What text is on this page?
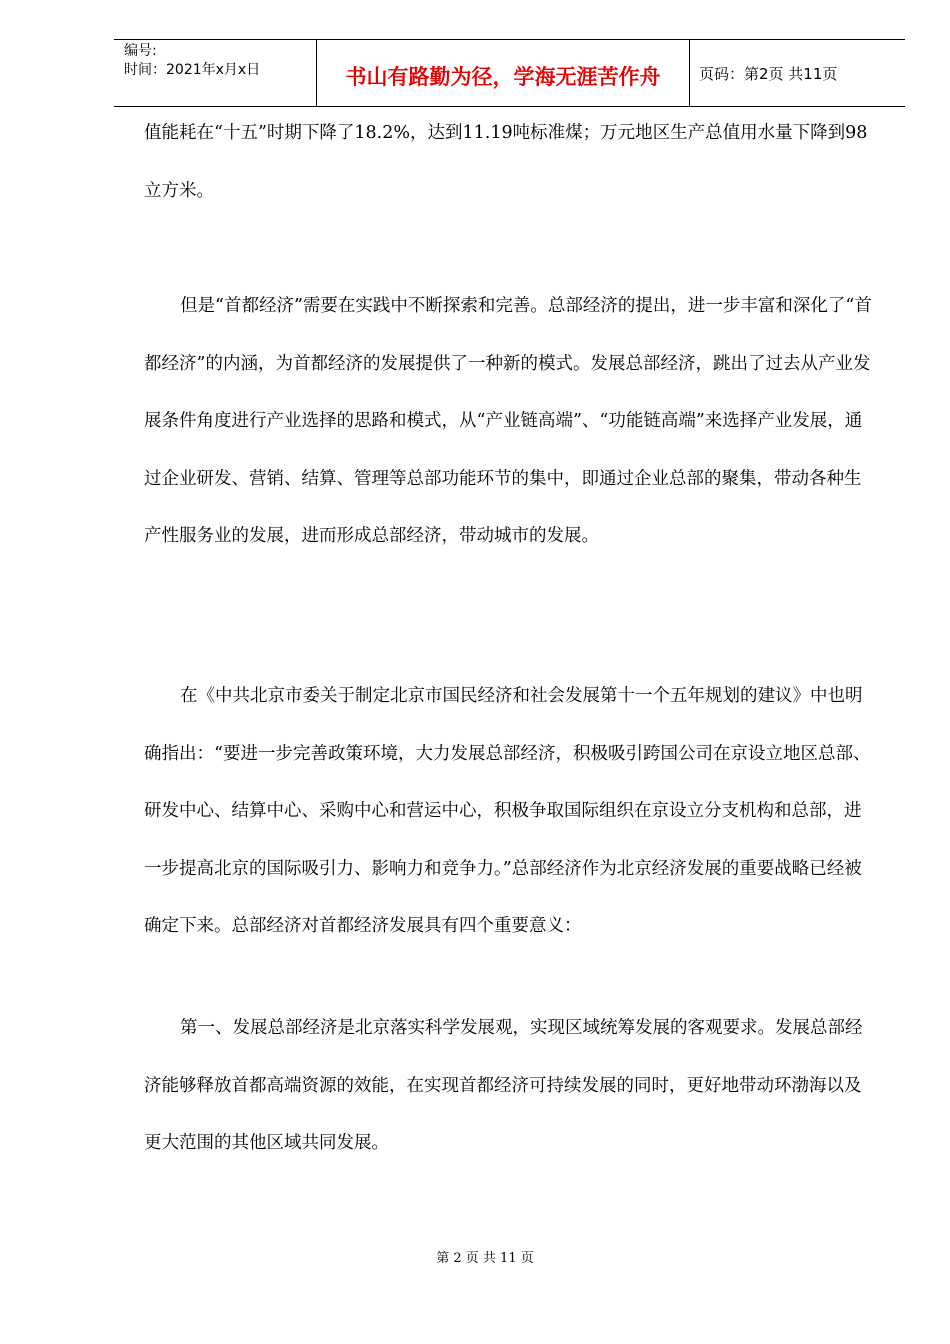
编号:
时间：2021年x月x日	书山有路勤为径，学海无涯苦作舟	页码：第2页 共11页

值能耗在“十五”时期下降了18.2%，达到11.19吨标准煤；万元地区生产总值用水量下降到98立方米。

但是“首都经济”需要在实践中不断探索和完善。总部经济的提出，进一步丰富和深化了“首都经济”的内涵，为首都经济的发展提供了一种新的模式。发展总部经济，跳出了过去从产业发展条件角度进行产业选择的思路和模式，从“产业链高端”、“功能链高端”来选择产业发展，通过企业研发、营销、结算、管理等总部功能环节的集中，即通过企业总部的聚集，带动各种生产性服务业的发展，进而形成总部经济，带动城市的发展。

在《中共北京市委关于制定北京市国民经济和社会发展第十一个五年规划的建议》中也明确指出：“要进一步完善政策环境，大力发展总部经济，积极吸引跨国公司在京设立地区总部、研发中心、结算中心、采购中心和营运中心，积极争取国际组织在京设立分支机构和总部，进一步提高北京的国际吸引力、影响力和竞争力。”总部经济作为北京经济发展的重要战略已经被确定下来。总部经济对首都经济发展具有四个重要意义：

第一、发展总部经济是北京落实科学发展观，实现区域统筹发展的客观要求。发展总部经济能够释放首都高端资源的效能，在实现首都经济可持续发展的同时，更好地带动环渤海以及更大范围的其他区域共同发展。

第 2 页 共 11 页
